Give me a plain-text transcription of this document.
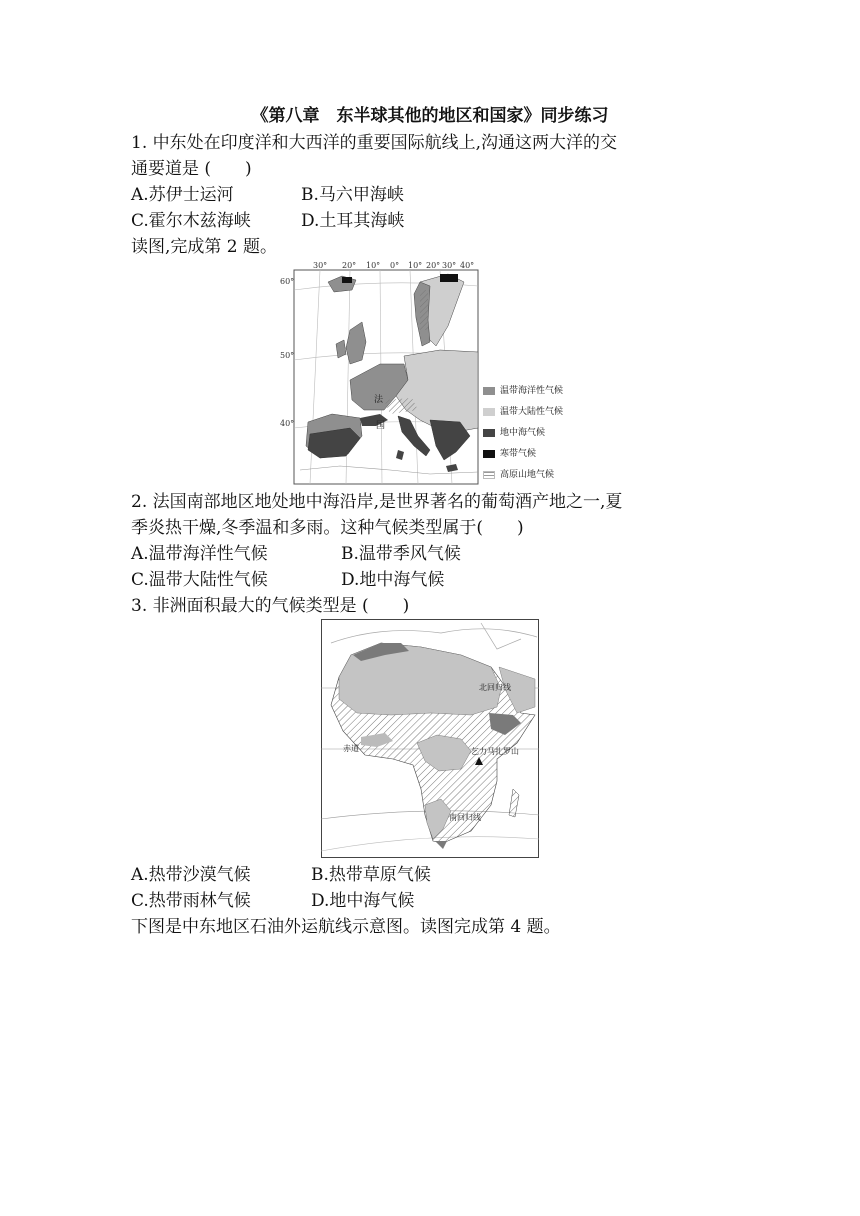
《第八章　东半球其他的地区和国家》同步练习
1. 中东处在印度洋和大西洋的重要国际航线上,沟通这两大洋的交
通要道是 (　　)
A.苏伊士运河	B.马六甲海峡
C.霍尔木兹海峡	D.土耳其海峡
读图,完成第 2 题。
30° 20° 10° 0° 10° 20° 30° 40°
60°
50°
40°
法
国
温带海洋性气候
温带大陆性气候
地中海气候
寒带气候
高原山地气候
2. 法国南部地区地处地中海沿岸,是世界著名的葡萄酒产地之一,夏
季炎热干燥,冬季温和多雨。这种气候类型属于(　　)
A.温带海洋性气候	B.温带季风气候
C.温带大陆性气候	D.地中海气候
3. 非洲面积最大的气候类型是 (　　)
北回归线
赤道	乞力马扎罗山
南回归线
A.热带沙漠气候	B.热带草原气候
C.热带雨林气候	D.地中海气候
下图是中东地区石油外运航线示意图。读图完成第 4 题。
